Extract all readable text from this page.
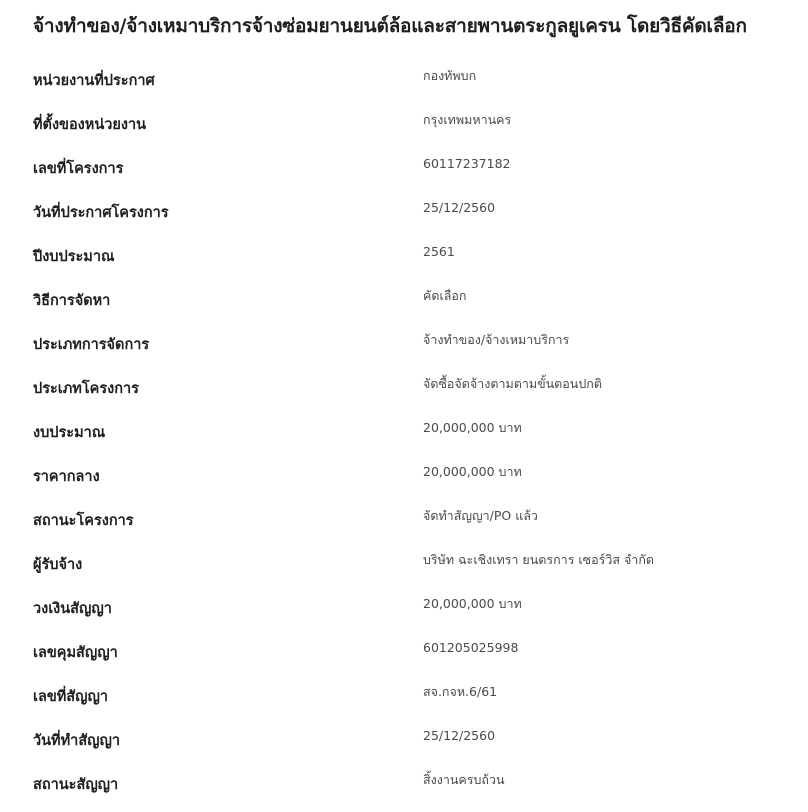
จ้างทำของ/จ้างเหมาบริการจ้างซ่อมยานยนต์ล้อและสายพานตระกูลยูเครน โดยวิธีคัดเลือก
หน่วยงานที่ประกาศ	กองทัพบก
ที่ตั้งของหน่วยงาน	กรุงเทพมหานคร
เลขที่โครงการ	60117237182
วันที่ประกาศโครงการ	25/12/2560
ปีงบประมาณ	2561
วิธีการจัดหา	คัดเลือก
ประเภทการจัดการ	จ้างทำของ/จ้างเหมาบริการ
ประเภทโครงการ	จัดซื้อจัดจ้างตามตามขั้นตอนปกติ
งบประมาณ	20,000,000 บาท
ราคากลาง	20,000,000 บาท
สถานะโครงการ	จัดทำสัญญา/PO แล้ว
ผู้รับจ้าง	บริษัท ฉะเชิงเทรา ยนตรการ เซอร์วิส จำกัด
วงเงินสัญญา	20,000,000 บาท
เลขคุมสัญญา	601205025998
เลขที่สัญญา	สจ.กจห.6/61
วันที่ทำสัญญา	25/12/2560
สถานะสัญญา	สิ้งงานครบถ้วน
